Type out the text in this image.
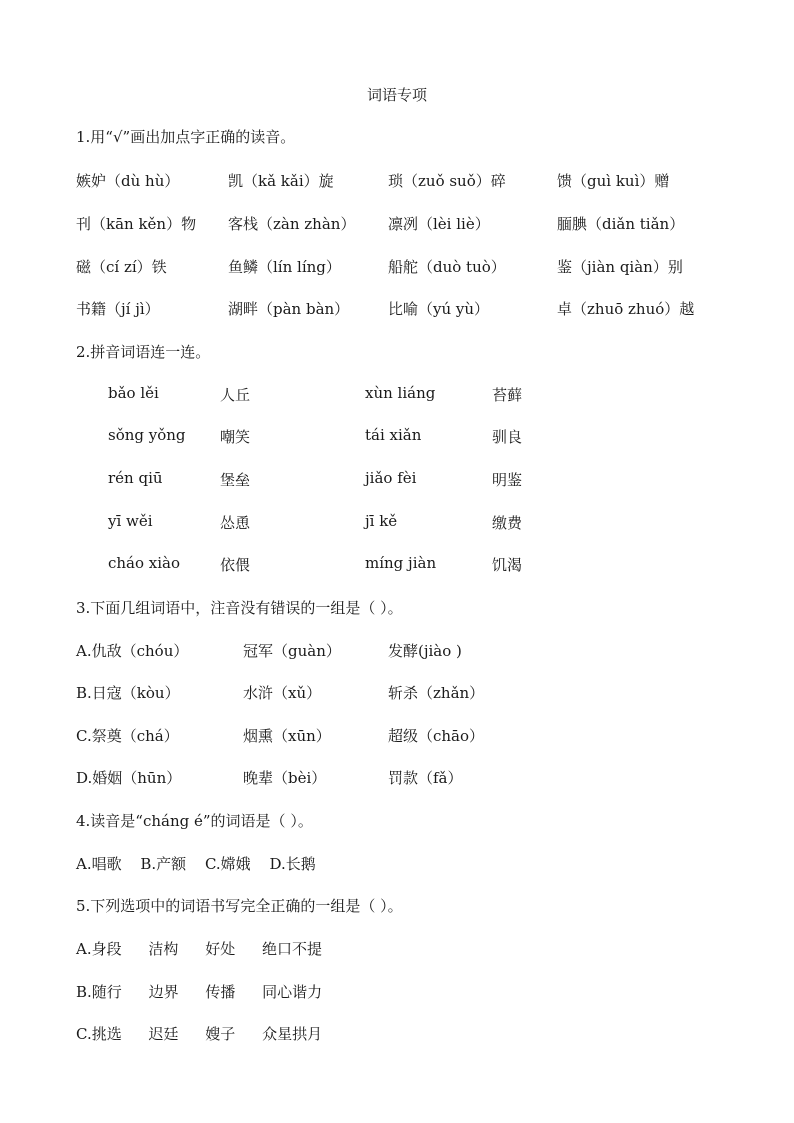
词语专项
1.用“√”画出加点字正确的读音。
嫉妒（dù hù）	凯（kǎ kǎi）旋	琐（zuǒ suǒ）碎	馈（guì kuì）赠
刊（kān kěn）物 客栈（zàn zhàn） 凛冽（lèi liè）	腼腆（diǎn tiǎn）
磁（cí zí）铁	鱼鳞（lín líng）	船舵（duò tuò）	鉴（jiàn qiàn）别
书籍（jí jì）	湖畔（pàn bàn）	比喻（yú yù）	卓（zhuō zhuó）越
2.拼音词语连一连。
bǎo lěi	人丘	xùn liáng	苔藓
sǒng yǒng 嘲笑	tái xiǎn	驯良
rén qiū	堡垒	jiǎo fèi	明鉴
yī wěi	怂恿	jī kě	缴费
cháo xiào	依偎	míng jiàn	饥渴
3.下面几组词语中，注音没有错误的一组是（ ）。
A.仇敌（chóu）	冠军（guàn）	发酵(jiào )
B.日寇（kòu）	水浒（xǔ）	斩杀（zhǎn）
C.祭奠（chá）	烟熏（xūn）	超级（chāo）
D.婚姻（hūn）	晚辈（bèi）	罚款（fǎ）
4.读音是“cháng é”的词语是（ ）。
A.唱歌 B.产额 C.嫦娥 D.长鹅
5.下列选项中的词语书写完全正确的一组是（ ）。
A.身段 洁构 好处 绝口不提
B.随行 边界 传播 同心谐力
C.挑选 迟廷 嫂子 众星拱月
